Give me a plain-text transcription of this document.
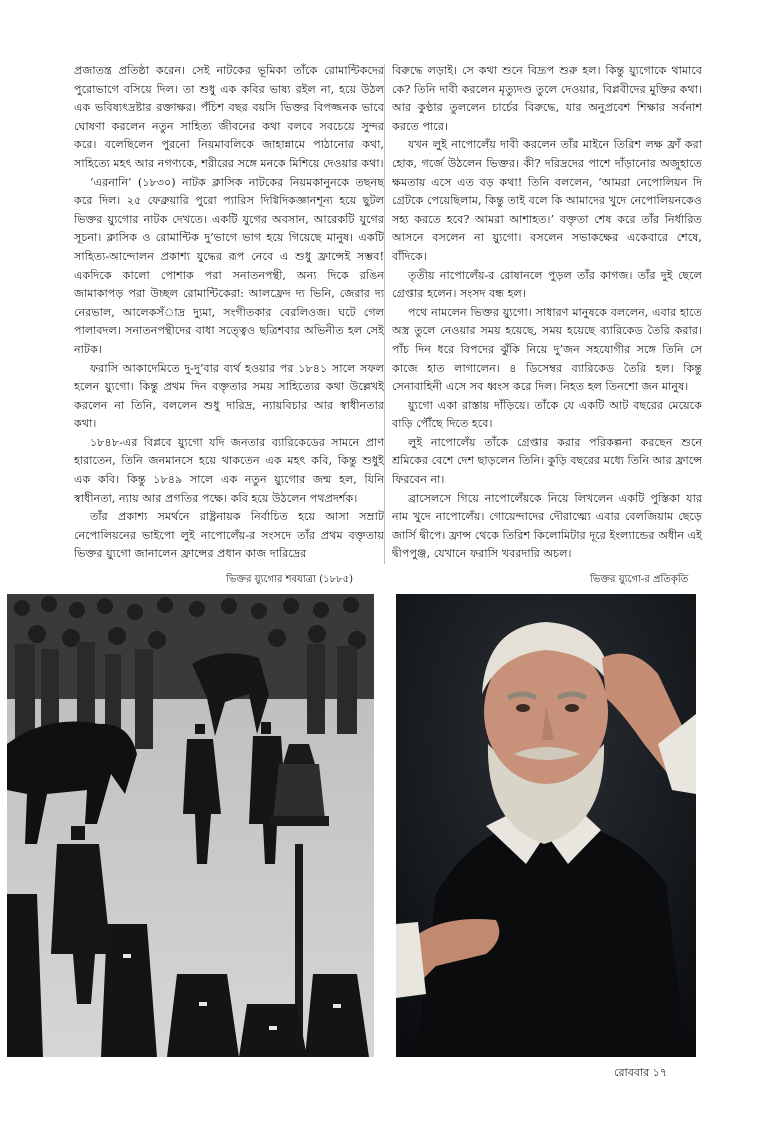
প্রজাতন্ত্র প্রতিষ্ঠা করেন। সেই নাটকের ভূমিকা তাঁকে রোমান্টিকদের পুরোভাগে বসিয়ে দিল। তা শুধু এক কবির ভাষ্য রইল না, হয়ে উঠল এক ভবিষ্যৎদ্রষ্টার রক্তাক্ষর। পঁচিশ বছর বয়সি ভিক্তর বিপজ্জনক ভাবে ঘোষণা করলেন নতুন সাহিত্য জীবনের কথা বলবে সবচেয়ে সুন্দর করে। বলেছিলেন পুরনো নিয়মাবলিকে জাহান্নামে পাঠানোর কথা, সাহিত্যে মহৎ আর নগণ্যকে, শরীরের সঙ্গে মনকে মিশিয়ে দেওয়ার কথা।

‘এরনানি’ (১৮৩০) নাটক ক্লাসিক নাটকের নিয়মকানুনকে তছনছ করে দিল। ২৫ ফেব্রুয়ারি পুরো প্যারিস দিগ্বিদিকজ্ঞানশূন্য হয়ে ছুটল ভিক্তর য়্যুগোর নাটক দেখতে। একটি যুগের অবসান, আরেকটি যুগের সূচনা। ক্লাসিক ও রোমান্টিক দু’ভাগে ভাগ হয়ে গিয়েছে মানুষ। একটি সাহিত্য-আন্দোলন প্রকাশ্য যুদ্ধের রূপ নেবে এ শুধু ফ্রান্সেই সম্ভব! একদিকে কালো পোশাক পরা সনাতনপন্থী, অন্য দিকে রঙিন জামাকাপড় পরা উচ্ছল রোমান্টিকেরা: আলফ্রেদ দ্য ভিনি, জেরার দ্য নেরভাল, আলেকসঁাদ্র দ্যুমা, সংগীতকার বেরলিওজ। ঘটে গেল পালাবদল। সনাতনপন্থীদের বাধা সত্ত্বেও ছত্রিশবার অভিনীত হল সেই নাটক।

ফরাসি আকাদেমিতে দু-দু’বার ব্যর্থ হওয়ার পর ১৮৪১ সালে সফল হলেন য়্যুগো। কিন্তু প্রথম দিন বক্তৃতার সময় সাহিত্যের কথা উল্লেখই করলেন না তিনি, বললেন শুধু দারিদ্র, ন্যায়বিচার আর স্বাধীনতার কথা।

১৮৪৮-এর বিপ্লবে য়্যুগো যদি জনতার ব্যারিকেডের সামনে প্রাণ হারাতেন, তিনি জনমানসে হয়ে থাকতেন এক মহৎ কবি, কিন্তু শুধুই এক কবি। কিন্তু ১৮৪৯ সালে এক নতুন য়্যুগোর জন্ম হল, যিনি স্বাধীনতা, ন্যায় আর প্রগতির পক্ষে। কবি হয়ে উঠলেন পথপ্রদর্শক।

তাঁর প্রকাশ্য সমর্থনে রাষ্ট্রনায়ক নির্বাচিত হয়ে আসা সম্রাট নেপোলিয়নের ভাইপো লুই নাপোলেঁয়-র সংসদে তাঁর প্রথম বক্তৃতায় ভিক্তর য়্যুগো জানালেন ফ্রান্সের প্রধান কাজ দারিদ্রের

বিরুদ্ধে লড়াই। সে কথা শুনে বিদ্রূপ শুরু হল। কিন্তু য়্যুগোকে থামাবে কে? তিনি দাবী করলেন মৃত্যুদণ্ড তুলে দেওয়ার, বিপ্লবীদের মুক্তির কথা। আর কুণ্ঠার তুললেন চার্চের বিরুদ্ধে, যার অনুপ্রবেশ শিক্ষার সর্বনাশ করতে পারে।

যখন লুই নাপোলেঁয় দাবী করলেন তাঁর মাইনে তিরিশ লক্ষ ফ্রাঁ করা হোক, গর্জে উঠলেন ভিক্তর। কী? দরিদ্রদের পাশে দাঁড়ানোর অজুহাতে ক্ষমতায় এসে এত বড় কথা! তিনি বললেন, ‘আমরা নেপোলিয়ন দি গ্রেটকে পেয়েছিলাম, কিন্তু তাই বলে কি আমাদের খুদে নেপোলিয়নকেও সহ্য করতে হবে? আমরা আশাহত।’ বক্তৃতা শেষ করে তাঁর নির্ধারিত আসনে বসলেন না য়্যুগো। বসলেন সভাকক্ষের একেবারে শেষে, বাঁদিকে।

তৃতীয় নাপোলেঁয়-র রোষানলে পুড়ল তাঁর কাগজ। তাঁর দুই ছেলে গ্রেপ্তার হলেন। সংসদ বন্ধ হল।

পথে নামলেন ভিক্তর য়্যুগো। সাধারণ মানুষকে বললেন, এবার হাতে অস্ত্র তুলে নেওয়ার সময় হয়েছে, সময় হয়েছে ব্যারিকেড তৈরি করার। পাঁচ দিন ধরে বিপদের ঝুঁকি নিয়ে দু’জন সহযোগীর সঙ্গে তিনি সে কাজে হাত লাগালেন। ৪ ডিসেম্বর ব্যারিকেড তৈরি হল। কিন্তু সেনাবাহিনী এসে সব ধ্বংস করে দিল। নিহত হল তিনশো জন মানুষ।

য়্যুগো একা রাস্তায় দাঁড়িয়ে। তাঁকে যে একটি আট বছরের মেয়েকে বাড়ি পৌঁছে দিতে হবে।

লুই নাপোলেঁয় তাঁকে গ্রেপ্তার করার পরিকল্পনা করছেন শুনে শ্রমিকের বেশে দেশ ছাড়লেন তিনি। কুড়ি বছরের মধ্যে তিনি আর ফ্রান্সে ফিরবেন না।

ব্রাসেলসে গিয়ে নাপোলেঁয়কে নিয়ে লিখলেন একটি পুস্তিকা যার নাম খুদে নাপোলেঁয়। গোয়েন্দাদের দৌরাত্ম্যে এবার বেলজিয়াম ছেড়ে জার্সি দ্বীপে। ফ্রান্স থেকে তিরিশ কিলোমিটার দূরে ইংল্যান্ডের অধীন এই দ্বীপপুঞ্জ, যেখানে ফরাসি খবরদারি অচল।

ভিক্তর য়্যুগোর শবযাত্রা (১৮৮৫)	ভিক্তর য়্যুগো-র প্রতিকৃতি
রোববার ১৭
